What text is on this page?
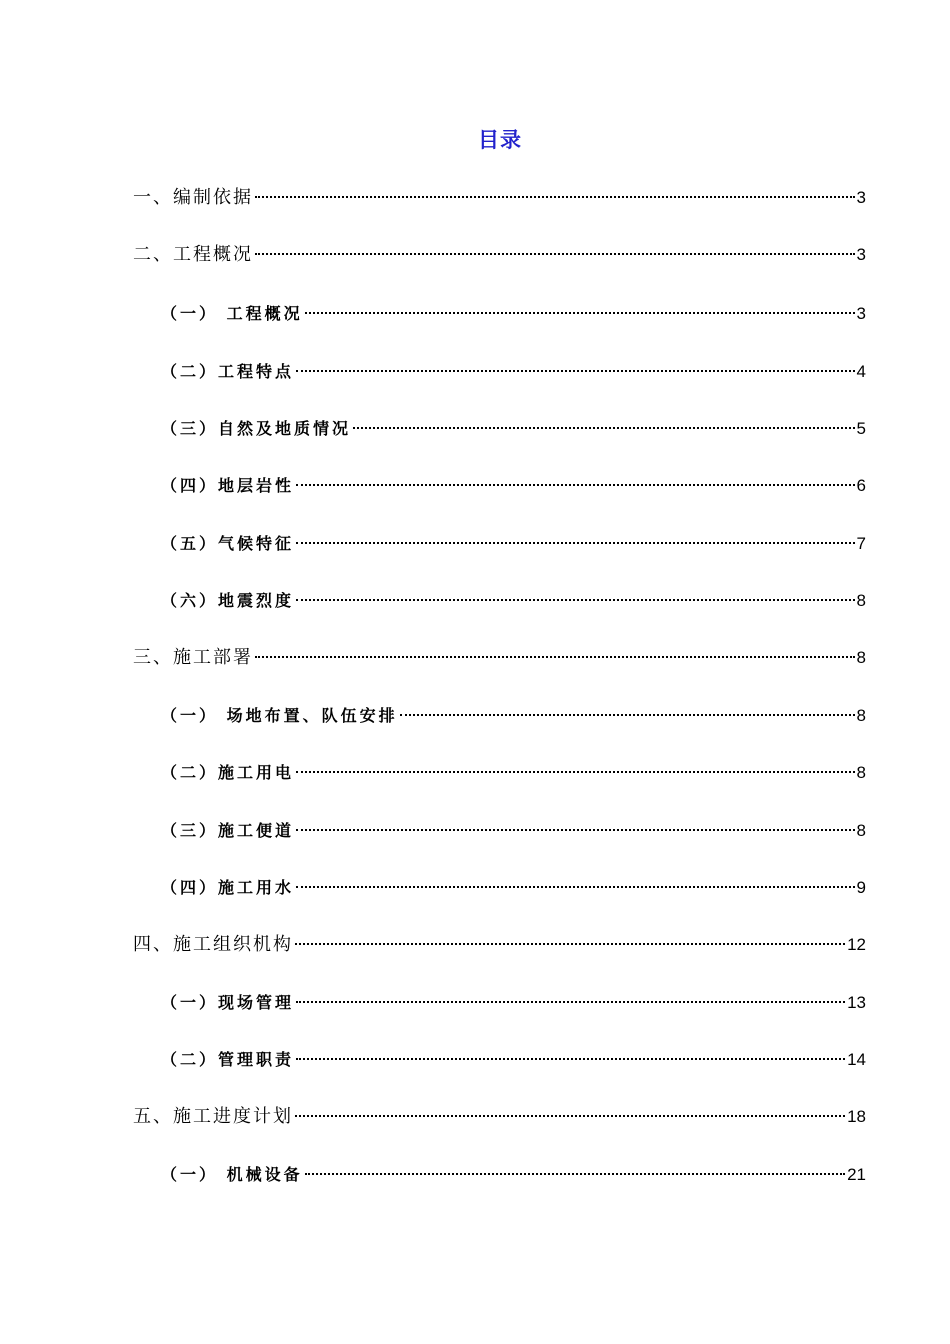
目录
一、编制依据	3
二、工程概况	3
（一） 工程概况	3
（二）工程特点	4
（三）自然及地质情况	5
（四）地层岩性	6
（五）气候特征	7
（六）地震烈度	8
三、施工部署	8
（一） 场地布置、队伍安排	8
（二）施工用电	8
（三）施工便道	8
（四）施工用水	9
四、施工组织机构	12
（一）现场管理	13
（二）管理职责	14
五、施工进度计划	18
（一） 机械设备	21
